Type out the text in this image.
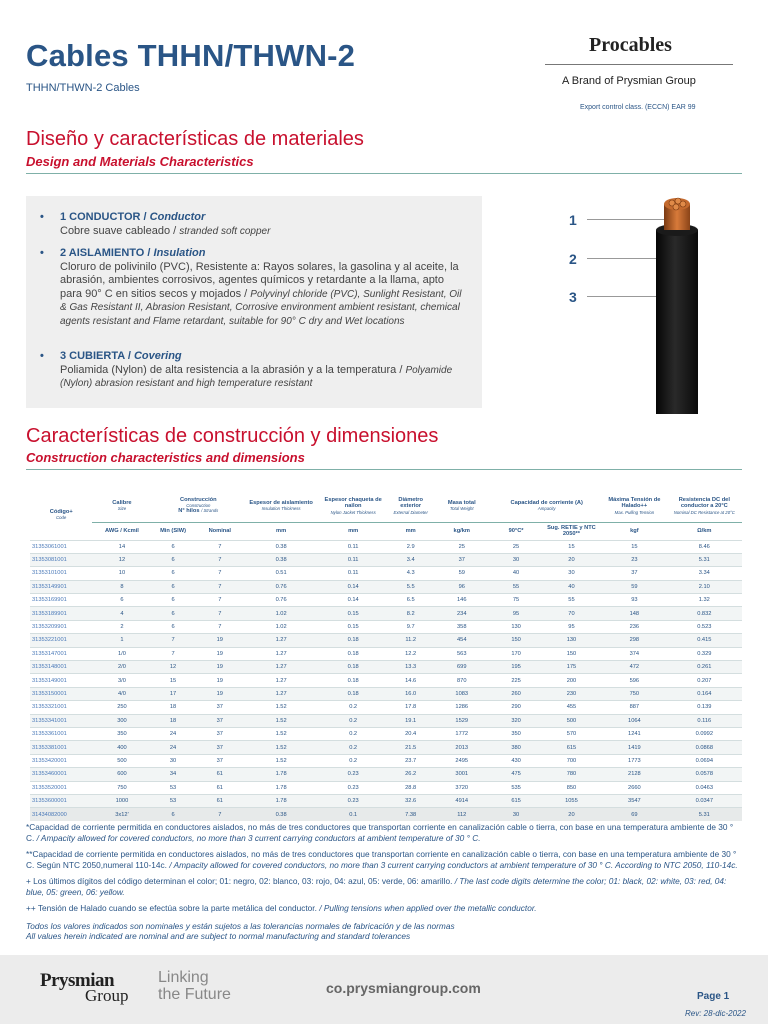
Cables THHN/THWN-2
THHN/THWN-2 Cables
Procables
A Brand of Prysmian Group
Export control class. (ECCN) EAR 99
Diseño y características de materiales
Design and Materials Characteristics
• 1 CONDUCTOR / Conductor
Cobre suave cableado / stranded soft copper
• 2 AISLAMIENTO / Insulation
Cloruro de polivinilo (PVC), Resistente a: Rayos solares, la gasolina y al aceite, la abrasión, ambientes corrosivos, agentes químicos y retardante a la llama, apto para 90° C en sitios secos y mojados / Polyvinyl chloride (PVC), Sunlight Resistant, Oil & Gas Resistant II, Abrasion Resistant, Corrosive environment ambient resistant, chemical agents resistant and Flame retardant, suitable for 90° C dry and Wet locations
• 3 CUBIERTA / Covering
Poliamida (Nylon) de alta resistencia a la abrasión y a la temperatura / Polyamide (Nylon) abrasion resistant and high temperature resistant
1
2
3
Características de construcción y dimensiones
Construction characteristics and dimensions
Código+
Code	Calibre
Size	Construcción
Construction
N° hilos / Strands		Espesor de aislamiento
Insulation Thickness	Espesor chaqueta de nailon
Nylon Jacket Thickness	Diámetro exterior
External Diameter	Masa total
Total Weight	Capacidad de corriente (A)
Ampacity		Máxima Tensión de Halado++
Max. Pulling Tension	Resistencia DC del conductor a 20°C
Nominal DC Resistance at 20°C

	AWG / Kcmil	Min (SIW)	Nominal	mm	mm	mm	kg/km	90°C*	Sug. RETIE y NTC 2050**	kgf	Ω/km
31353061001	14	6	7	0.38	0.11	2.9	25	25	15	15	8.46
31353081001	12	6	7	0.38	0.11	3.4	37	30	20	23	5.31
31353101001	10	6	7	0.51	0.11	4.3	59	40	30	37	3.34
31353149901	8	6	7	0.76	0.14	5.5	96	55	40	59	2.10
31353169901	6	6	7	0.76	0.14	6.5	146	75	55	93	1.32
31353189901	4	6	7	1.02	0.15	8.2	234	95	70	148	0.832
31353209901	2	6	7	1.02	0.15	9.7	358	130	95	236	0.523
31353221001	1	7	19	1.27	0.18	11.2	454	150	130	298	0.415
31353147001	1/0	7	19	1.27	0.18	12.2	563	170	150	374	0.329
31353148001	2/0	12	19	1.27	0.18	13.3	699	195	175	472	0.261
31353149001	3/0	15	19	1.27	0.18	14.6	870	225	200	596	0.207
31353150001	4/0	17	19	1.27	0.18	16.0	1083	260	230	750	0.164
31353321001	250	18	37	1.52	0.2	17.8	1286	290	455	887	0.139
31353341001	300	18	37	1.52	0.2	19.1	1529	320	500	1064	0.116
31353361001	350	24	37	1.52	0.2	20.4	1772	350	570	1241	0.0992
31353381001	400	24	37	1.52	0.2	21.5	2013	380	615	1419	0.0868
31353420001	500	30	37	1.52	0.2	23.7	2495	430	700	1773	0.0694
31353460001	600	34	61	1.78	0.23	26.2	3001	475	780	2128	0.0578
31353520001	750	53	61	1.78	0.23	28.8	3720	535	850	2660	0.0463
31353600001	1000	53	61	1.78	0.23	32.6	4914	615	1055	3547	0.0347
31434082000	3x12'	6	7	0.38	0.1	7.38	112	30	20	69	5.31

*Capacidad de corriente permitida en conductores aislados, no más de tres conductores que transportan corriente en canalización cable o tierra, con base en una temperatura ambiente de 30 ° C. / Ampacity allowed for covered conductors, no more than 3 current carrying conductors at ambient temperature of 30 ° C.

**Capacidad de corriente permitida en conductores aislados, no más de tres conductores que transportan corriente en canalización cable o tierra, con base en una temperatura ambiente de 30 ° C. Según NTC 2050,numeral 110-14c. / Ampacity allowed for covered conductors, no more than 3 current carrying conductors at ambient temperature of 30 ° C. According to NTC 2050, 110-14c.

+ Los últimos dígitos del código determinan el color; 01: negro, 02: blanco, 03: rojo, 04: azul, 05: verde, 06: amarillo. / The last code digits determine the color; 01: black, 02: white, 03: red, 04: blue, 05: green, 06: yellow.

++ Tensión de Halado cuando se efectúa sobre la parte metálica del conductor. / Pulling tensions when applied over the metallic conductor.

Todos los valores indicados son nominales y están sujetos a las tolerancias normales de fabricación y de las normas
All values herein indicated are nominal and are subject to normal manufacturing and standard tolerances

Prysmian
Group
Linking
the Future	co.prysmiangroup.com
Page 1
Rev: 28-dic-2022
